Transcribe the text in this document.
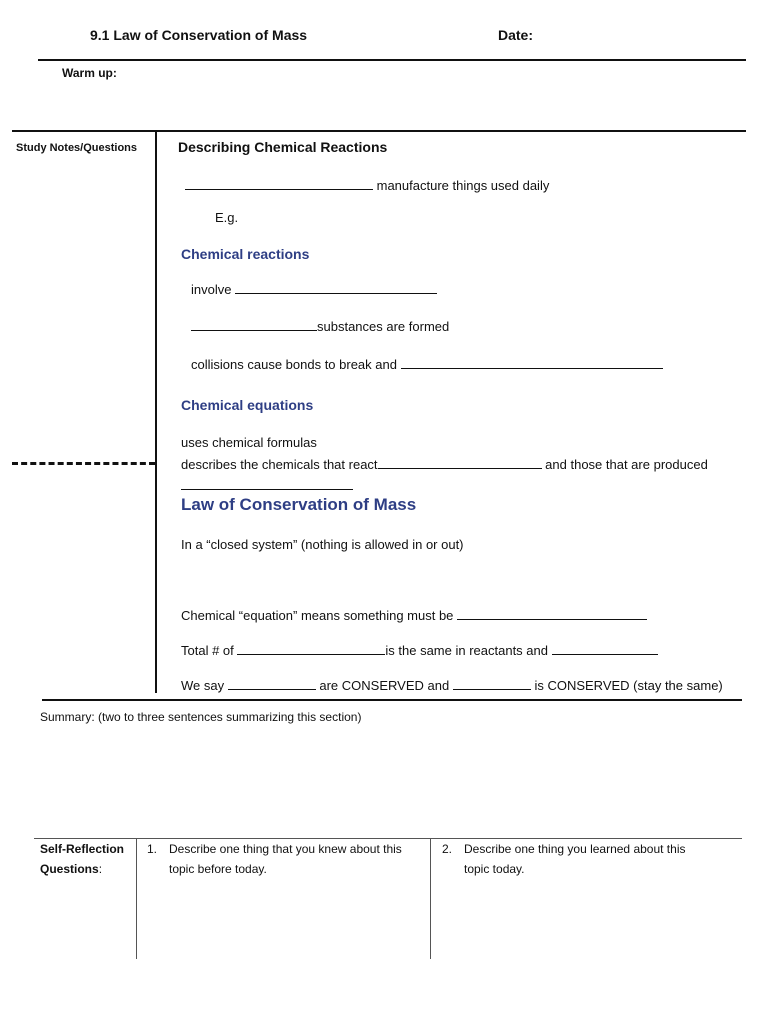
9.1 Law of Conservation of Mass	Date:
Warm up:
Study Notes/Questions	Describing Chemical Reactions
manufacture things used daily
E.g.
Chemical reactions
involve
substances are formed
collisions cause bonds to break and
Chemical equations
uses chemical formulas
describes the chemicals that react	and those that are produced
Law of Conservation of Mass
In a “closed system” (nothing is allowed in or out)
Chemical “equation” means something must be
Total # of	is the same in reactants and
We say	are CONSERVED and	is CONSERVED (stay the same)
Summary: (two to three sentences summarizing this section)
Self-Reflection
Questions:
1. Describe one thing that you knew about this
topic before today.
2. Describe one thing you learned about this
topic today.
